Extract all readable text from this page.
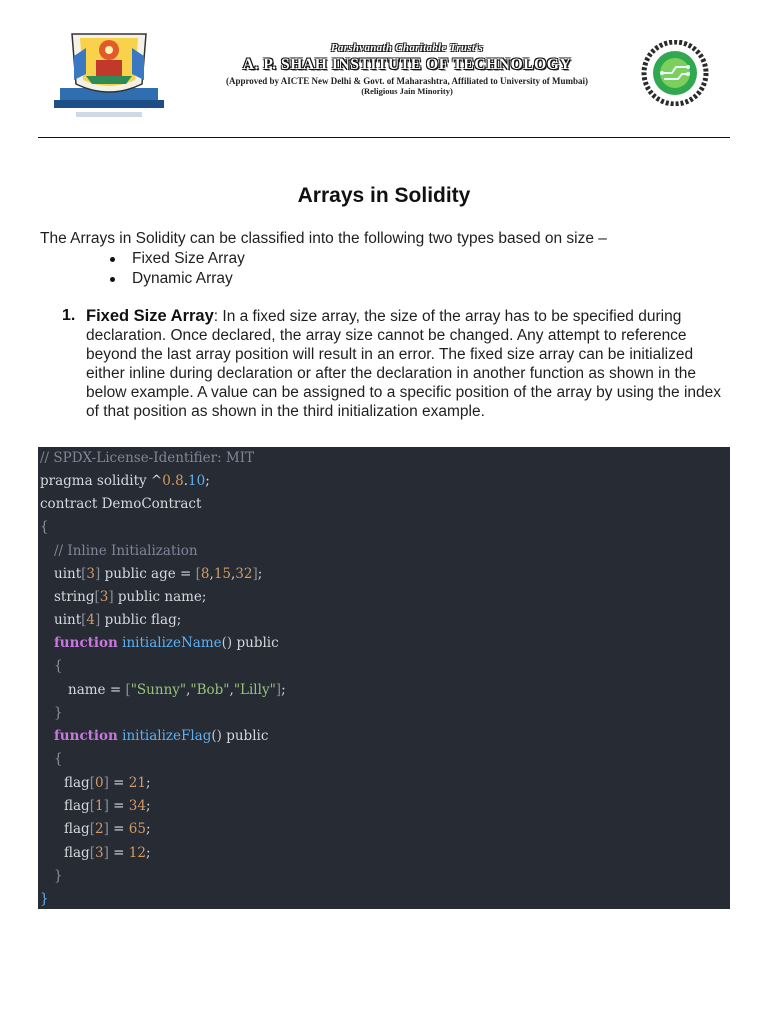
Parshvanath Charitable Trust's
A. P. SHAH INSTITUTE OF TECHNOLOGY
(Approved by AICTE New Delhi & Govt. of Maharashtra, Affiliated to University of Mumbai)
(Religious Jain Minority)
Arrays in Solidity
The Arrays in Solidity can be classified into the following two types based on size –
Fixed Size Array
Dynamic Array
1. Fixed Size Array: In a fixed size array, the size of the array has to be specified during declaration. Once declared, the array size cannot be changed. Any attempt to reference beyond the last array position will result in an error. The fixed size array can be initialized either inline during declaration or after the declaration in another function as shown in the below example. A value can be assigned to a specific position of the array by using the index of that position as shown in the third initialization example.
// SPDX-License-Identifier: MIT
pragma solidity ^0.8.10;
contract DemoContract
{
// Inline Initialization
uint[3] public age = [8,15,32];
string[3] public name;
uint[4] public flag;
function initializeName() public
{
name = ["Sunny","Bob","Lilly"];
}
function initializeFlag() public
{
flag[0] = 21;
flag[1] = 34;
flag[2] = 65;
flag[3] = 12;
}
}
